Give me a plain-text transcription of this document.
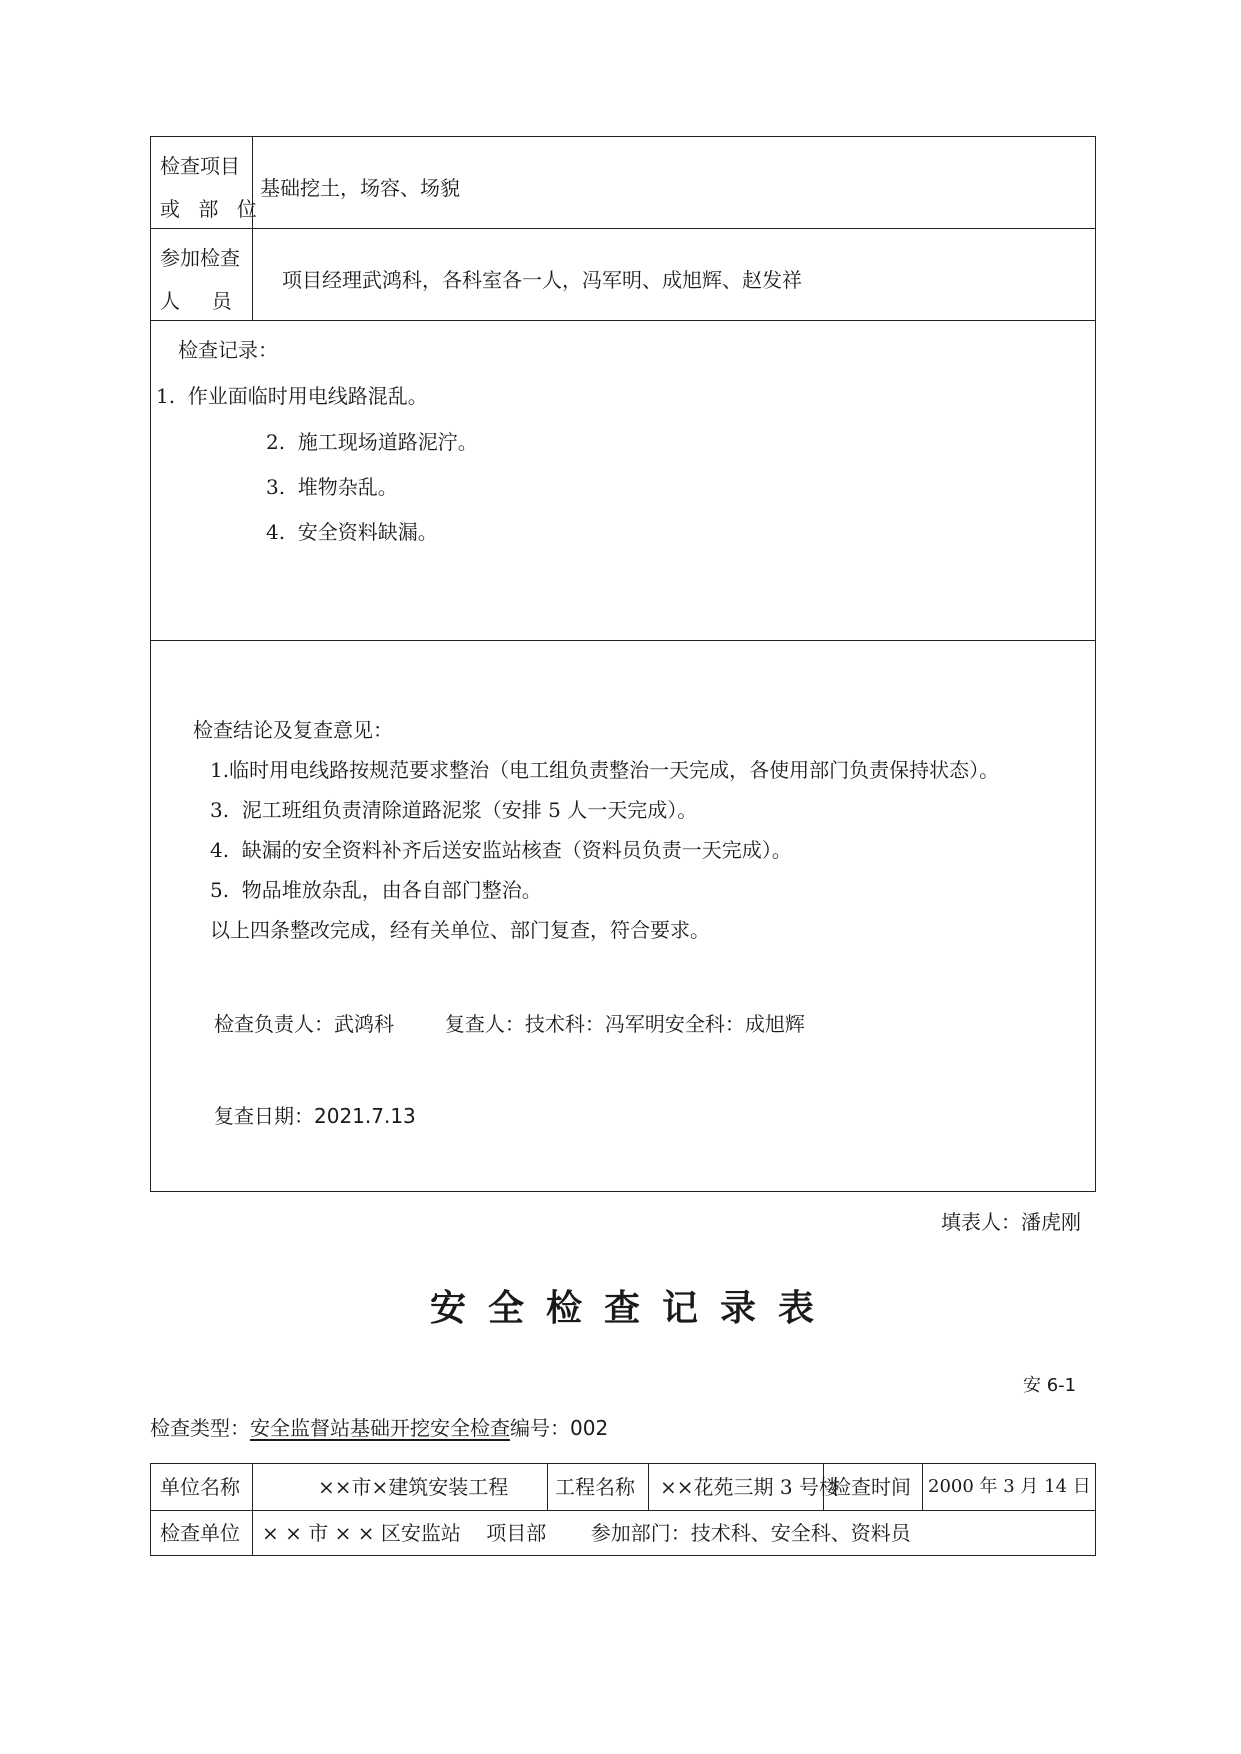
检查项目
或 部 位
基础挖土，场容、场貌
参加检查
人     员
项目经理武鸿科，各科室各一人，冯军明、成旭辉、赵发祥
检查记录：
1.  作业面临时用电线路混乱。
2.  施工现场道路泥泞。
3.  堆物杂乱。
4.  安全资料缺漏。
检查结论及复查意见：
1.临时用电线路按规范要求整治（电工组负责整治一天完成，各使用部门负责保持状态）。
3.  泥工班组负责清除道路泥浆（安排 5 人一天完成）。
4.  缺漏的安全资料补齐后送安监站核查（资料员负责一天完成）。
5.  物品堆放杂乱，由各自部门整治。
以上四条整改完成，经有关单位、部门复查，符合要求。
检查负责人：武鸿科        复查人：技术科：冯军明安全科：成旭辉
复查日期：2021.7.13
填表人：潘虎刚
安全检查记录表
安 6-1
检查类型：安全监督站基础开挖安全检查编号：002
单位名称	××市×建筑安装工程 工程名称 ××花苑三期 3 号楼
检查时间 2000 年 3 月 14 日
检查单位 × × 市 × × 区安监站    项目部       参加部门：技术科、安全科、资料员
